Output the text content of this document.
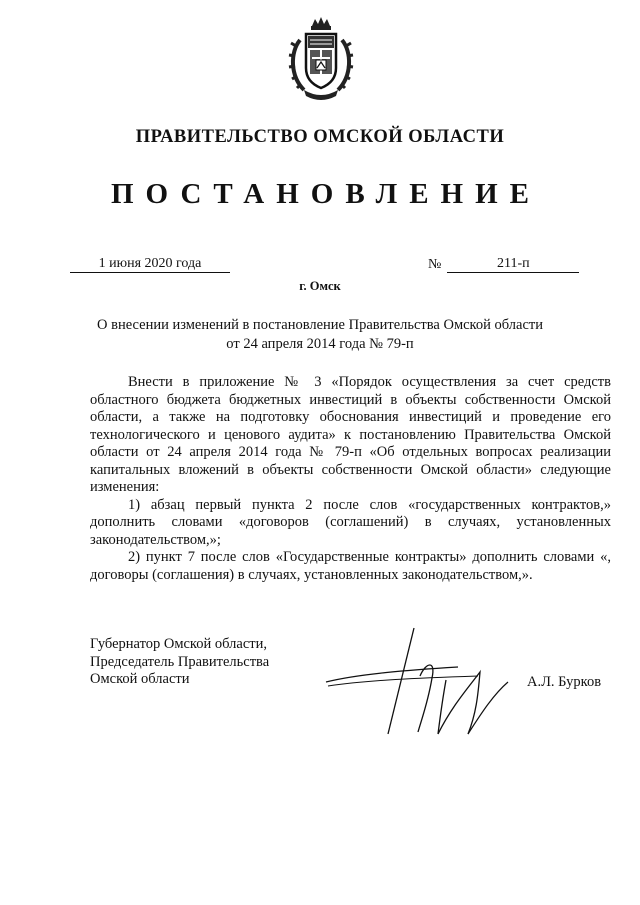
ПРАВИТЕЛЬСТВО ОМСКОЙ ОБЛАСТИ
ПОСТАНОВЛЕНИЕ
1 июня 2020 года	№	211-п
г. Омск
О внесении изменений в постановление Правительства Омской области
от 24 апреля 2014 года № 79-п

Внести в приложение № 3 «Порядок осуществления за счет средств областного бюджета бюджетных инвестиций в объекты собственности Омской области, а также на подготовку обоснования инвестиций и проведение его технологического и ценового аудита» к постановлению Правительства Омской области от 24 апреля 2014 года № 79-п «Об отдельных вопросах реализации капитальных вложений в объекты собственности Омской области» следующие изменения:

1) абзац первый пункта 2 после слов «государственных контрактов,» дополнить словами «договоров (соглашений) в случаях, установленных законодательством,»;

2) пункт 7 после слов «Государственные контракты» дополнить словами «, договоры (соглашения) в случаях, установленных законодательством,».

Губернатор Омской области,
Председатель Правительства
Омской области	А.Л. Бурков
